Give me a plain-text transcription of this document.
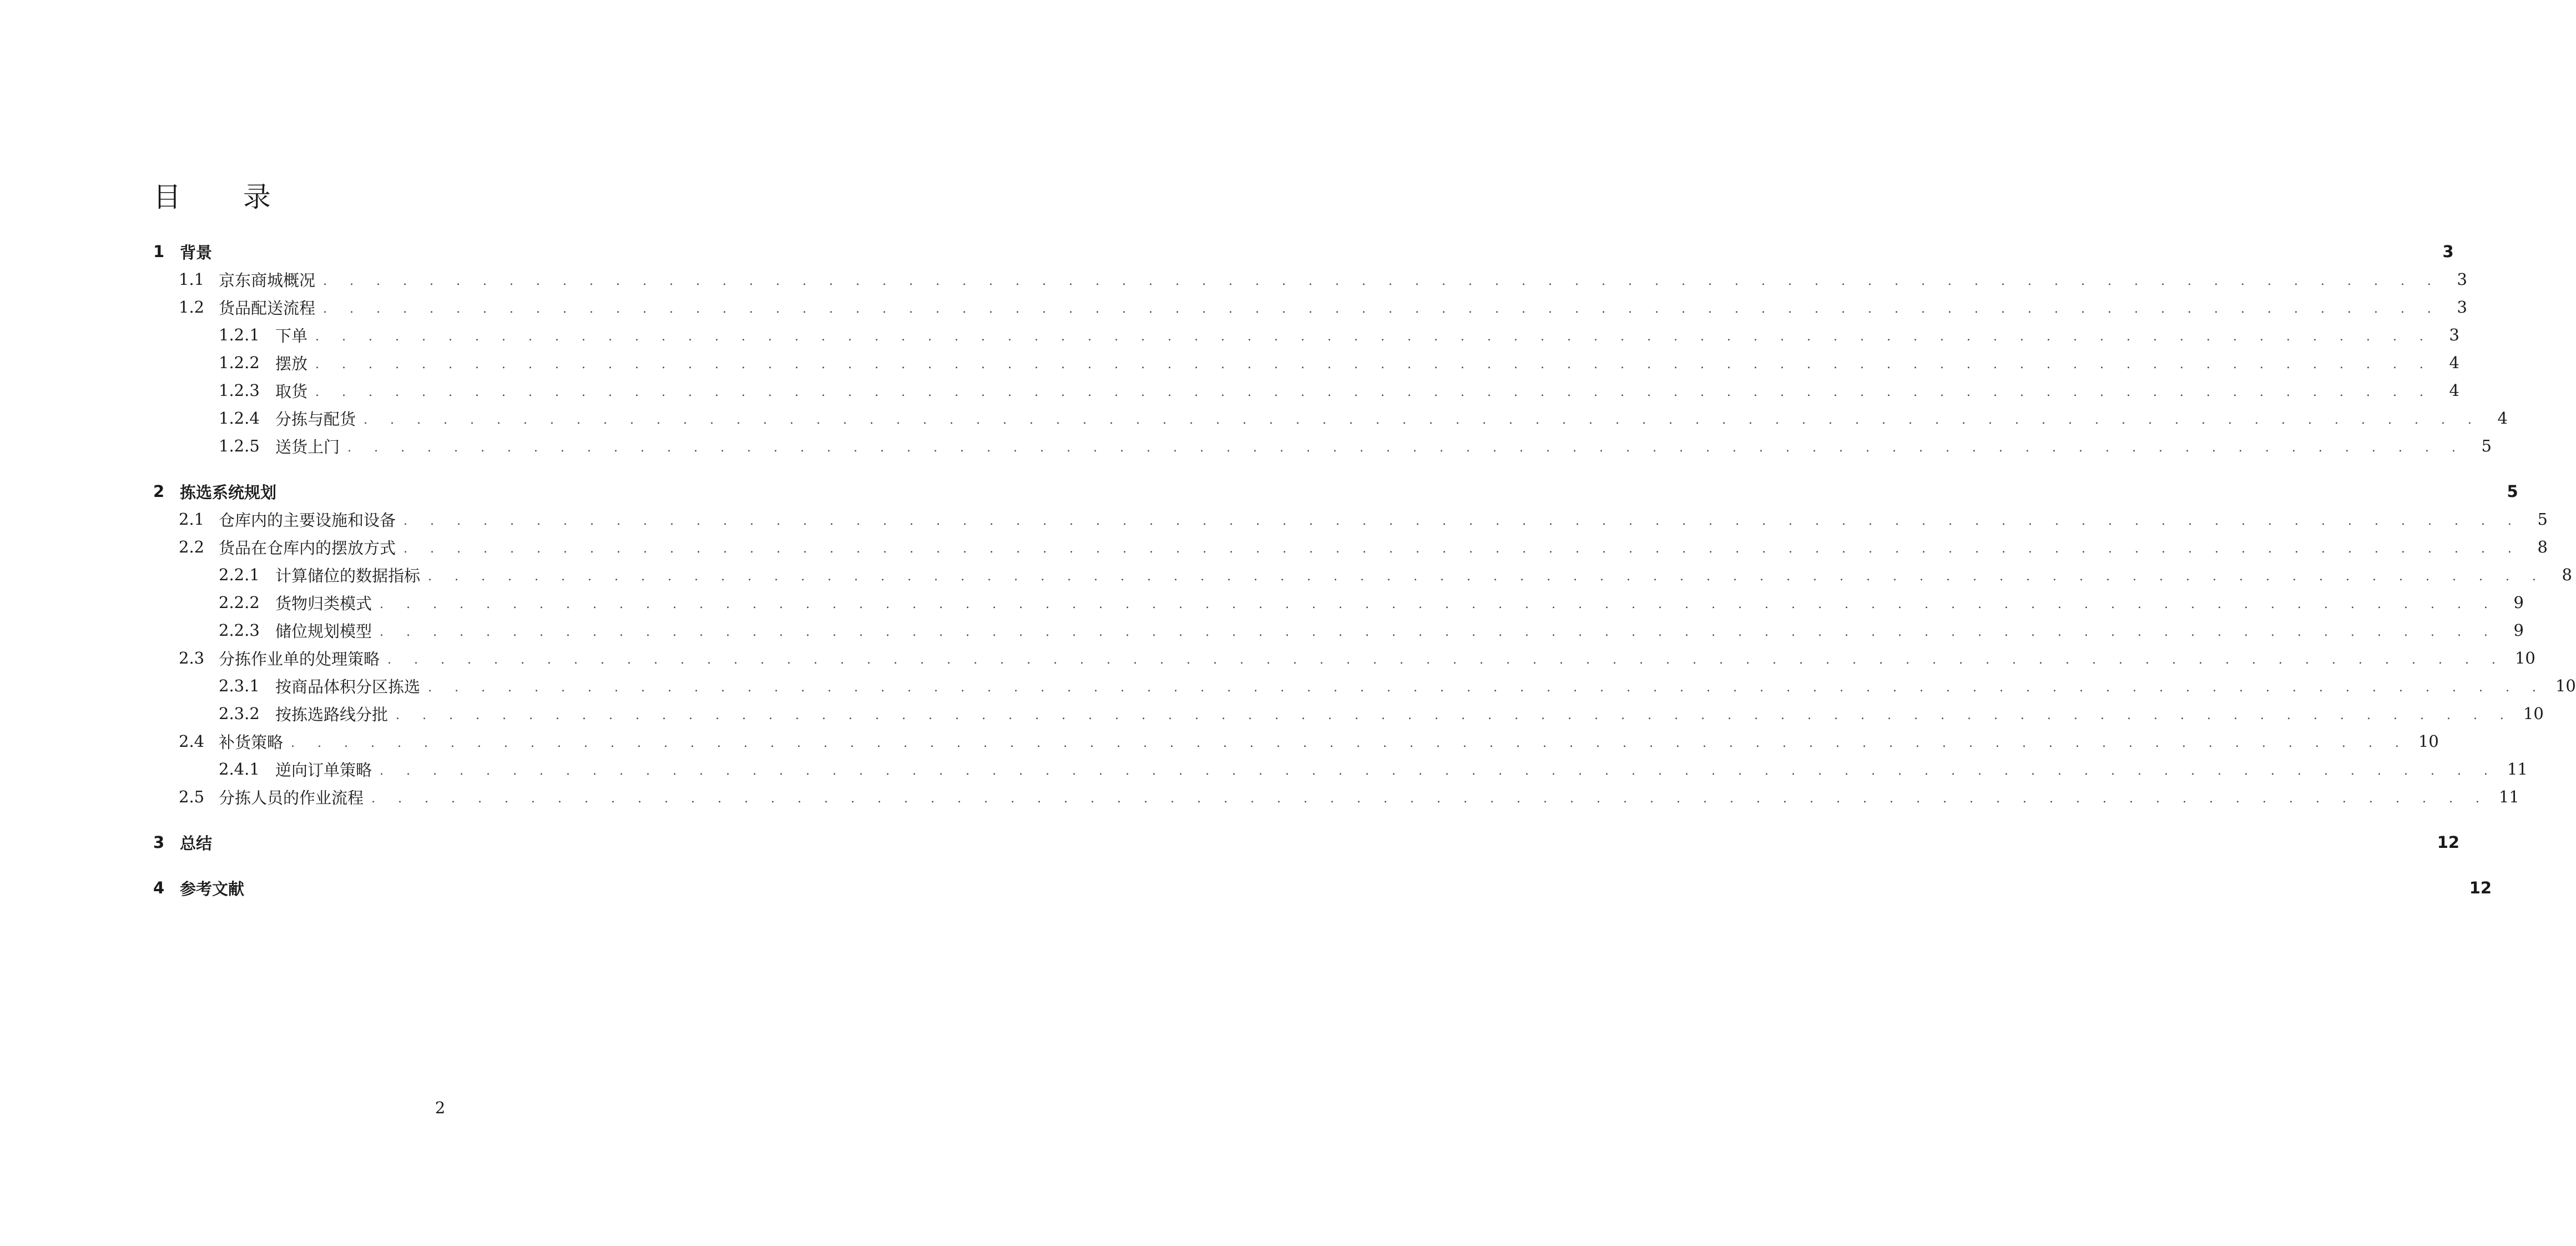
目 录
1 背景	3
1.1 京东商城概况 . . . . . . . . . . . . . . . . . . . . . . . . . . . . . . . . . . . . . . . . . . . . . . . . . . . . . . . . . . . . . . . . . . . . . . . . . . . . . . . .	3
1.2 货品配送流程 . . . . . . . . . . . . . . . . . . . . . . . . . . . . . . . . . . . . . . . . . . . . . . . . . . . . . . . . . . . . . . . . . . . . . . . . . . . . . . . .	3
1.2.1 下单 . . . . . . . . . . . . . . . . . . . . . . . . . . . . . . . . . . . . . . . . . . . . . . . . . . . . . . . . . . . . . . . . . . . . . . . . . . . . . . . .	3
1.2.2 摆放 . . . . . . . . . . . . . . . . . . . . . . . . . . . . . . . . . . . . . . . . . . . . . . . . . . . . . . . . . . . . . . . . . . . . . . . . . . . . . . . .	4
1.2.3 取货 . . . . . . . . . . . . . . . . . . . . . . . . . . . . . . . . . . . . . . . . . . . . . . . . . . . . . . . . . . . . . . . . . . . . . . . . . . . . . . . .	4
1.2.4 分拣与配货 . . . . . . . . . . . . . . . . . . . . . . . . . . . . . . . . . . . . . . . . . . . . . . . . . . . . . . . . . . . . . . . . . . . . . . . . . . . . . . . .	4
1.2.5 送货上门 . . . . . . . . . . . . . . . . . . . . . . . . . . . . . . . . . . . . . . . . . . . . . . . . . . . . . . . . . . . . . . . . . . . . . . . . . . . . . . . .	5
2 拣选系统规划	5
2.1 仓库内的主要设施和设备 . . . . . . . . . . . . . . . . . . . . . . . . . . . . . . . . . . . . . . . . . . . . . . . . . . . . . . . . . . . . . . . . . . . . . . . . . . . . . . . .	5
2.2 货品在仓库内的摆放方式 . . . . . . . . . . . . . . . . . . . . . . . . . . . . . . . . . . . . . . . . . . . . . . . . . . . . . . . . . . . . . . . . . . . . . . . . . . . . . . . .	8
2.2.1 计算储位的数据指标 . . . . . . . . . . . . . . . . . . . . . . . . . . . . . . . . . . . . . . . . . . . . . . . . . . . . . . . . . . . . . . . . . . . . . . . . . . . . . . . .	8
2.2.2 货物归类模式 . . . . . . . . . . . . . . . . . . . . . . . . . . . . . . . . . . . . . . . . . . . . . . . . . . . . . . . . . . . . . . . . . . . . . . . . . . . . . . . .	9
2.2.3 储位规划模型 . . . . . . . . . . . . . . . . . . . . . . . . . . . . . . . . . . . . . . . . . . . . . . . . . . . . . . . . . . . . . . . . . . . . . . . . . . . . . . . .	9
2.3 分拣作业单的处理策略 . . . . . . . . . . . . . . . . . . . . . . . . . . . . . . . . . . . . . . . . . . . . . . . . . . . . . . . . . . . . . . . . . . . . . . . . . . . . . . . . 10
2.3.1 按商品体积分区拣选 . . . . . . . . . . . . . . . . . . . . . . . . . . . . . . . . . . . . . . . . . . . . . . . . . . . . . . . . . . . . . . . . . . . . . . . . . . . . . . . . 10
2.3.2 按拣选路线分批 . . . . . . . . . . . . . . . . . . . . . . . . . . . . . . . . . . . . . . . . . . . . . . . . . . . . . . . . . . . . . . . . . . . . . . . . . . . . . . . . 10
2.4 补货策略 . . . . . . . . . . . . . . . . . . . . . . . . . . . . . . . . . . . . . . . . . . . . . . . . . . . . . . . . . . . . . . . . . . . . . . . . . . . . . . . . 10
2.4.1 逆向订单策略 . . . . . . . . . . . . . . . . . . . . . . . . . . . . . . . . . . . . . . . . . . . . . . . . . . . . . . . . . . . . . . . . . . . . . . . . . . . . . . . . 11
2.5 分拣人员的作业流程 . . . . . . . . . . . . . . . . . . . . . . . . . . . . . . . . . . . . . . . . . . . . . . . . . . . . . . . . . . . . . . . . . . . . . . . . . . . . . . . . 11
3 总结	12
4 参考文献	12
2
